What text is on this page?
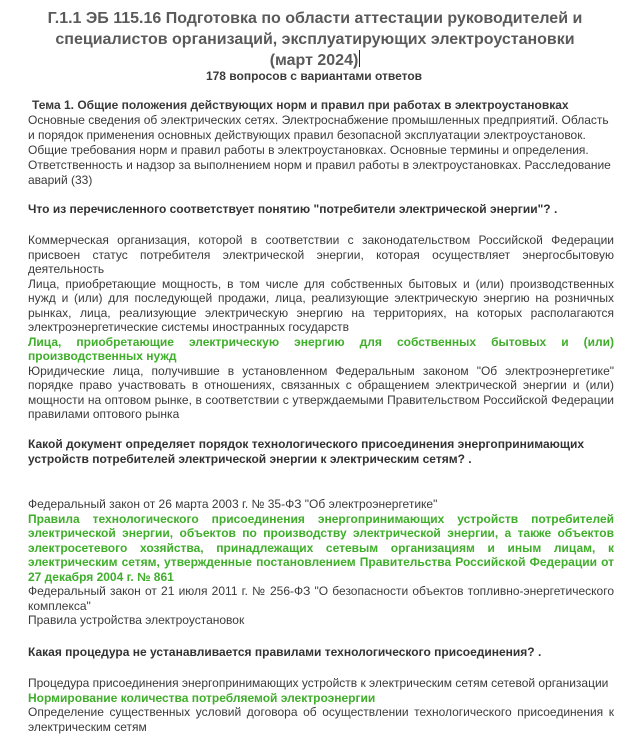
Г.1.1 ЭБ 115.16 Подготовка по области аттестации руководителей и
специалистов организаций, эксплуатирующих электроустановки
(март 2024)

178 вопросов с вариантами ответов

Тема 1. Общие положения действующих норм и правил при работах в электроустановках
Основные сведения об электрических сетях. Электроснабжение промышленных предприятий. Область и порядок применения основных действующих правил безопасной эксплуатации электроустановок. Общие требования норм и правил работы в электроустановках. Основные термины и определения. Ответственность и надзор за выполнением норм и правил работы в электроустановках. Расследование аварий (33)

Что из перечисленного соответствует понятию "потребители электрической энергии"? .

Коммерческая организация, которой в соответствии с законодательством Российской Федерации присвоен статус потребителя электрической энергии, которая осуществляет энергосбытовую деятельность
Лица, приобретающие мощность, в том числе для собственных бытовых и (или) производственных нужд и (или) для последующей продажи, лица, реализующие электрическую энергию на розничных рынках, лица, реализующие электрическую энергию на территориях, на которых располагаются электроэнергетические системы иностранных государств
Лица, приобретающие электрическую энергию для собственных бытовых и (или) производственных нужд
Юридические лица, получившие в установленном Федеральным законом "Об электроэнергетике" порядке право участвовать в отношениях, связанных с обращением электрической энергии и (или) мощности на оптовом рынке, в соответствии с утверждаемыми Правительством Российской Федерации правилами оптового рынка

Какой документ определяет порядок технологического присоединения энергопринимающих устройств потребителей электрической энергии к электрическим сетям? .

Федеральный закон от 26 марта 2003 г. № 35-ФЗ "Об электроэнергетике"
Правила технологического присоединения энергопринимающих устройств потребителей электрической энергии, объектов по производству электрической энергии, а также объектов электросетевого хозяйства, принадлежащих сетевым организациям и иным лицам, к электрическим сетям, утвержденные постановлением Правительства Российской Федерации от 27 декабря 2004 г. № 861
Федеральный закон от 21 июля 2011 г. № 256-ФЗ "О безопасности объектов топливно-энергетического комплекса"
Правила устройства электроустановок

Какая процедура не устанавливается правилами технологического присоединения? .

Процедура присоединения энергопринимающих устройств к электрическим сетям сетевой организации
Нормирование количества потребляемой электроэнергии
Определение существенных условий договора об осуществлении технологического присоединения к электрическим сетям
